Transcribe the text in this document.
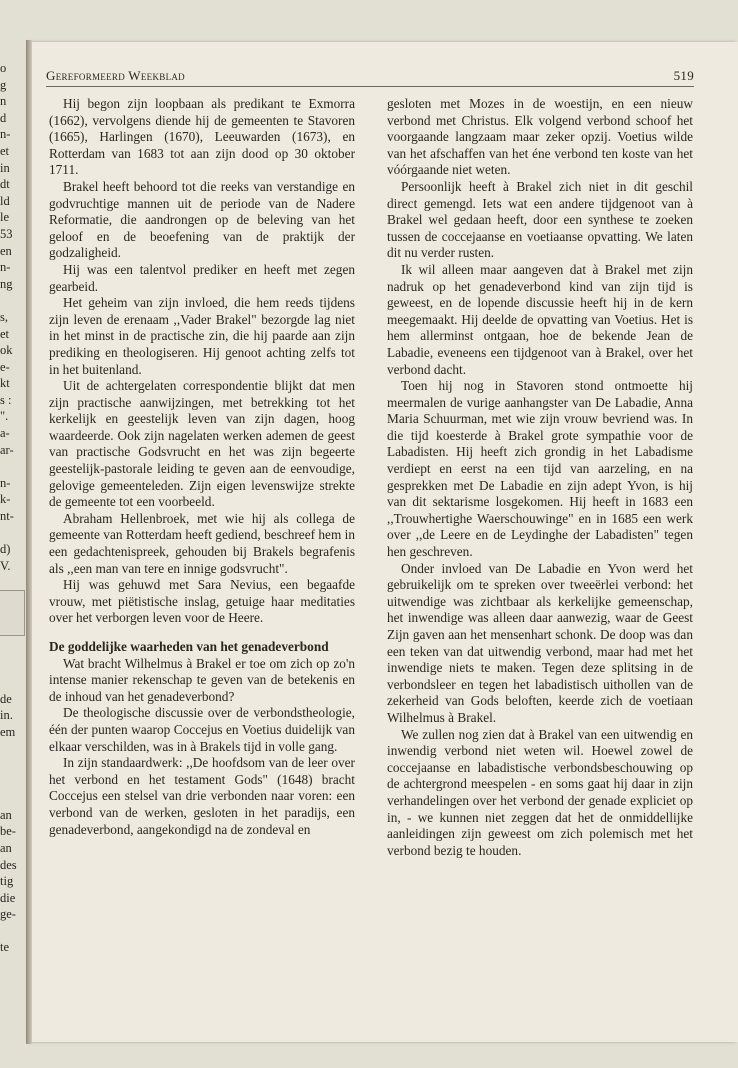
o
g
n
d
n-
et
in
dt
ld
le
53
en
n-
ng
s,
et
ok
e-
kt
s :
".
a-
ar-
n-
k-
nt-
d)
V.
de
in.
em
an
be-
an
des
tig
die
ge-
te
Gereformeerd Weekblad	519

Hij begon zijn loopbaan als predikant te Exmorra (1662), vervolgens diende hij de gemeenten te Stavoren (1665), Harlingen (1670), Leeuwarden (1673), en Rotterdam van 1683 tot aan zijn dood op 30 oktober 1711.

Brakel heeft behoord tot die reeks van verstandige en godvruchtige mannen uit de periode van de Nadere Reformatie, die aandrongen op de beleving van het geloof en de beoefening van de praktijk der godzaligheid.

Hij was een talentvol prediker en heeft met zegen gearbeid.

Het geheim van zijn invloed, die hem reeds tijdens zijn leven de erenaam ,,Vader Brakel" bezorgde lag niet in het minst in de practische zin, die hij paarde aan zijn prediking en theologiseren. Hij genoot achting zelfs tot in het buitenland.

Uit de achtergelaten correspondentie blijkt dat men zijn practische aanwijzingen, met betrekking tot het kerkelijk en geestelijk leven van zijn dagen, hoog waardeerde. Ook zijn nagelaten werken ademen de geest van practische Godsvrucht en het was zijn begeerte geestelijk-pastorale leiding te geven aan de eenvoudige, gelovige gemeenteleden. Zijn eigen levenswijze strekte de gemeente tot een voorbeeld.

Abraham Hellenbroek, met wie hij als collega de gemeente van Rotterdam heeft gediend, beschreef hem in een gedachtenispreek, gehouden bij Brakels begrafenis als ,,een man van tere en innige godsvrucht".

Hij was gehuwd met Sara Nevius, een begaafde vrouw, met piëtistische inslag, getuige haar meditaties over het verborgen leven voor de Heere.

De goddelijke waarheden van het genadeverbond

Wat bracht Wilhelmus à Brakel er toe om zich op zo'n intense manier rekenschap te geven van de betekenis en de inhoud van het genadeverbond?

De theologische discussie over de verbondstheologie, één der punten waarop Coccejus en Voetius duidelijk van elkaar verschilden, was in à Brakels tijd in volle gang.

In zijn standaardwerk: ,,De hoofdsom van de leer over het verbond en het testament Gods" (1648) bracht Coccejus een stelsel van drie verbonden naar voren: een verbond van de werken, gesloten in het paradijs, een genadeverbond, aangekondigd na de zondeval en

gesloten met Mozes in de woestijn, en een nieuw verbond met Christus. Elk volgend verbond schoof het voorgaande langzaam maar zeker opzij. Voetius wilde van het afschaffen van het éne verbond ten koste van het vóórgaande niet weten.

Persoonlijk heeft à Brakel zich niet in dit geschil direct gemengd. Iets wat een andere tijdgenoot van à Brakel wel gedaan heeft, door een synthese te zoeken tussen de coccejaanse en voetiaanse opvatting. We laten dit nu verder rusten.

Ik wil alleen maar aangeven dat à Brakel met zijn nadruk op het genadeverbond kind van zijn tijd is geweest, en de lopende discussie heeft hij in de kern meegemaakt. Hij deelde de opvatting van Voetius. Het is hem allerminst ontgaan, hoe de bekende Jean de Labadie, eveneens een tijdgenoot van à Brakel, over het verbond dacht.

Toen hij nog in Stavoren stond ontmoette hij meermalen de vurige aanhangster van De Labadie, Anna Maria Schuurman, met wie zijn vrouw bevriend was. In die tijd koesterde à Brakel grote sympathie voor de Labadisten. Hij heeft zich grondig in het Labadisme verdiept en eerst na een tijd van aarzeling, en na gesprekken met De Labadie en zijn adept Yvon, is hij van dit sektarisme losgekomen. Hij heeft in 1683 een ,,Trouwhertighe Waerschouwinge" en in 1685 een werk over ,,de Leere en de Leydinghe der Labadisten" tegen hen geschreven.

Onder invloed van De Labadie en Yvon werd het gebruikelijk om te spreken over tweeërlei verbond: het uitwendige was zichtbaar als kerkelijke gemeenschap, het inwendige was alleen daar aanwezig, waar de Geest Zijn gaven aan het mensenhart schonk. De doop was dan een teken van dat uitwendig verbond, maar had met het inwendige niets te maken. Tegen deze splitsing in de verbondsleer en tegen het labadistisch uithollen van de zekerheid van Gods beloften, keerde zich de voetiaan Wilhelmus à Brakel.

We zullen nog zien dat à Brakel van een uitwendig en inwendig verbond niet weten wil. Hoewel zowel de coccejaanse en labadistische verbondsbeschouwing op de achtergrond meespelen - en soms gaat hij daar in zijn verhandelingen over het verbond der genade expliciet op in, - we kunnen niet zeggen dat het de onmiddellijke aanleidingen zijn geweest om zich polemisch met het verbond bezig te houden.
